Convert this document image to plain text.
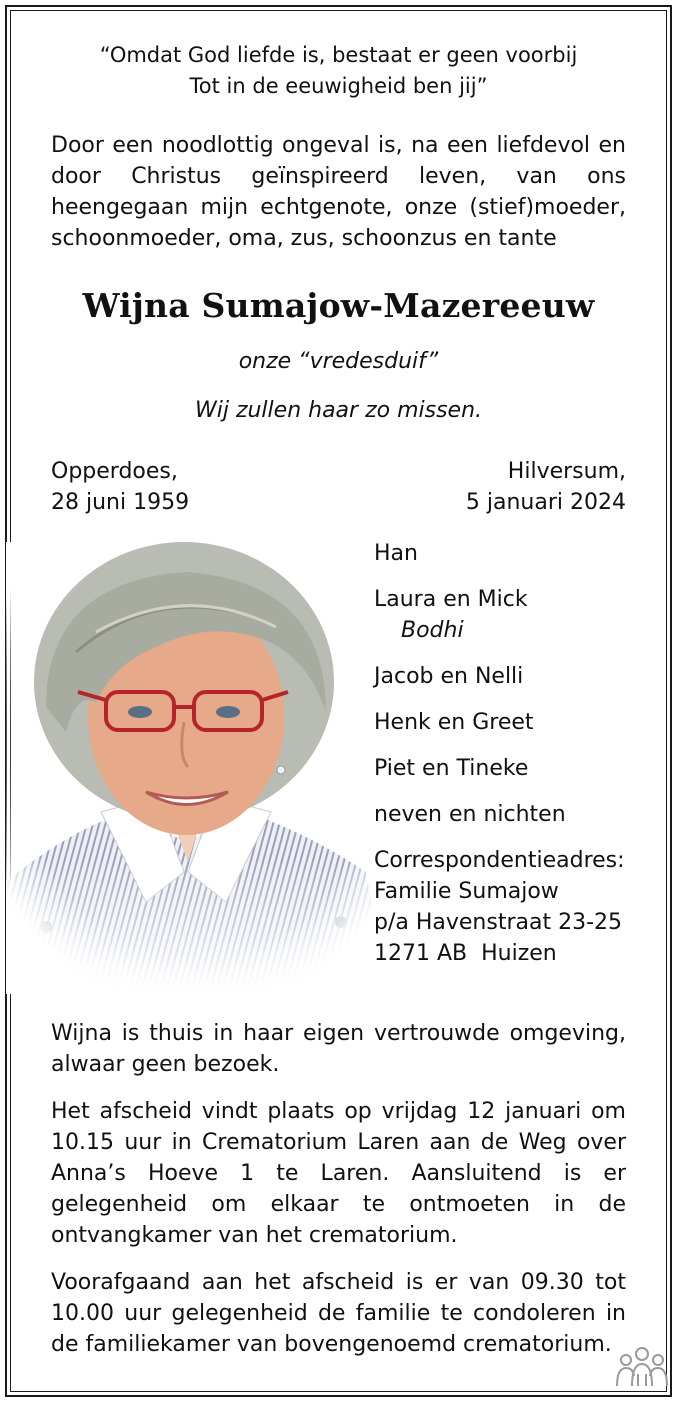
“Omdat God liefde is, bestaat er geen voorbij
Tot in de eeuwigheid ben jij”
Door een noodlottig ongeval is, na een liefdevol en door Christus geïnspireerd leven, van ons heengegaan mijn echtgenote, onze (stief)moeder, schoonmoeder, oma, zus, schoonzus en tante
Wijna Sumajow-Mazereeuw
onze “vredesduif”
Wij zullen haar zo missen.
Opperdoes,
28 juni 1959
Hilversum,
5 januari 2024
Han
Laura en Mick
Bodhi
Jacob en Nelli
Henk en Greet
Piet en Tineke
neven en nichten
Correspondentieadres:
Familie Sumajow
p/a Havenstraat 23-25
1271 AB  Huizen
Wijna is thuis in haar eigen vertrouwde omgeving, alwaar geen bezoek.
Het afscheid vindt plaats op vrijdag 12 januari om 10.15 uur in Crematorium Laren aan de Weg over Anna’s Hoeve 1 te Laren. Aansluitend is er gelegenheid om elkaar te ontmoeten in de ontvangkamer van het crematorium.
Voorafgaand aan het afscheid is er van 09.30 tot 10.00 uur gelegenheid de familie te condoleren in de familiekamer van bovengenoemd crematorium.
